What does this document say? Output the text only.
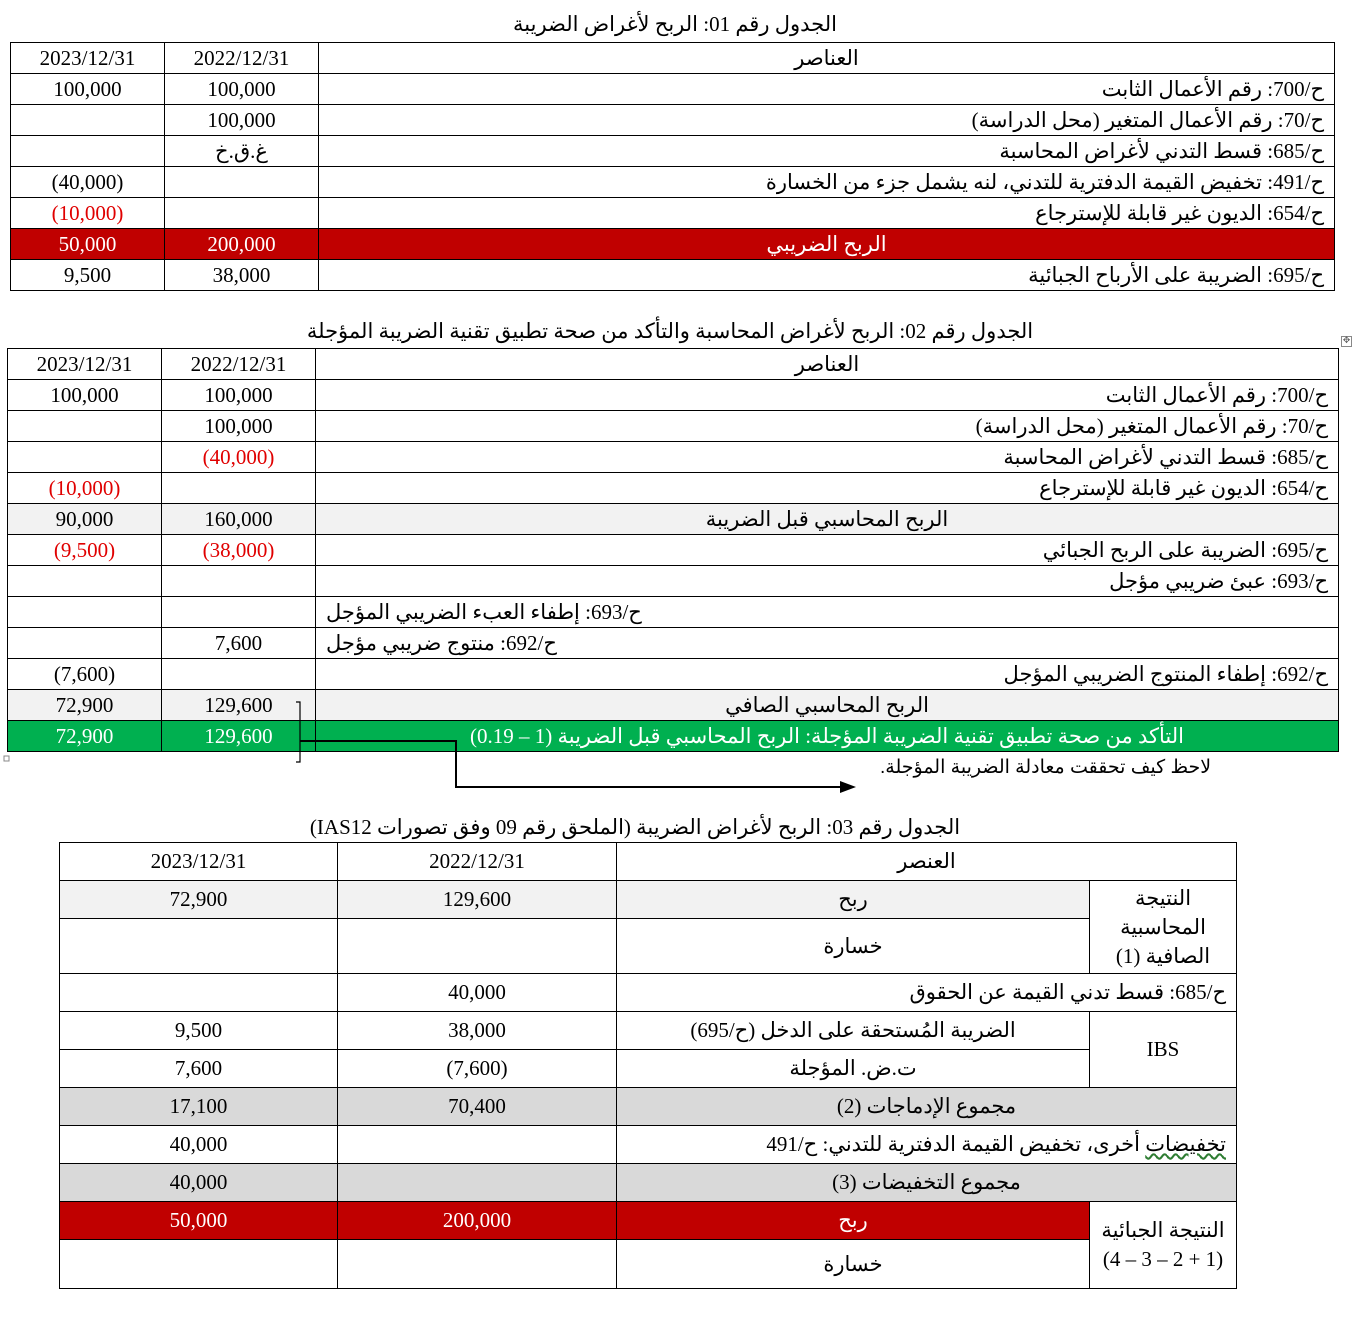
الجدول رقم 01: الربح لأغراض الضريبة
2023/12/31	2022/12/31	العناصر
100,000	100,000	ح/700: رقم الأعمال الثابت
	100,000	ح/70: رقم الأعمال المتغير (محل الدراسة)
	غ.ق.خ	ح/685: قسط التدني لأغراض المحاسبة
(40,000)		ح/491: تخفيض القيمة الدفترية للتدني، لنه يشمل جزء من الخسارة
(10,000)		ح/654: الديون غير قابلة للإسترجاع
50,000	200,000	الربح الضريبي
9,500	38,000	ح/695: الضريبة على الأرباح الجبائية
الجدول رقم 02: الربح لأغراض المحاسبة والتأكد من صحة تطبيق تقنية الضريبة المؤجلة	✥
2023/12/31	2022/12/31	العناصر
100,000	100,000	ح/700: رقم الأعمال الثابت
	100,000	ح/70: رقم الأعمال المتغير (محل الدراسة)
	(40,000)	ح/685: قسط التدني لأغراض المحاسبة
(10,000)		ح/654: الديون غير قابلة للإسترجاع
90,000	160,000	الربح المحاسبي قبل الضريبة
(9,500)	(38,000)	ح/695: الضريبة على الربح الجبائي
		ح/693: عبئ ضريبي مؤجل
		ح/693: إطفاء العبء الضريبي المؤجل
	7,600	ح/692: منتوج ضريبي مؤجل
(7,600)		ح/692: إطفاء المنتوج الضريبي المؤجل
72,900	129,600	الربح المحاسبي الصافي
72,900	129,600	التأكد من صحة تطبيق تقنية الضريبة المؤجلة: الربح المحاسبي قبل الضريبة (1 – 0.19)
لاحظ كيف تحققت معادلة الضريبة المؤجلة.
الجدول رقم 03: الربح لأغراض الضريبة (الملحق رقم 09 وفق تصورات IAS12)
2023/12/31	2022/12/31	العنصر	
72,900	129,600	ربح	النتيجة المحاسبية الصافية (1)
		خسارة	
	40,000	ح/685: قسط تدني القيمة عن الحقوق	
9,500	38,000	الضريبة المُستحقة على الدخل (ح/695)	IBS
7,600	(7,600)	ت.ض. المؤجلة	
17,100	70,400	مجموع الإدماجات (2)	
40,000		تخفيضات أخرى، تخفيض القيمة الدفترية للتدني: ح/491	
40,000		مجموع التخفيضات (3)	
50,000	200,000	ربح	النتيجة الجبائية (1 + 2 – 3 – 4)
		خسارة	
